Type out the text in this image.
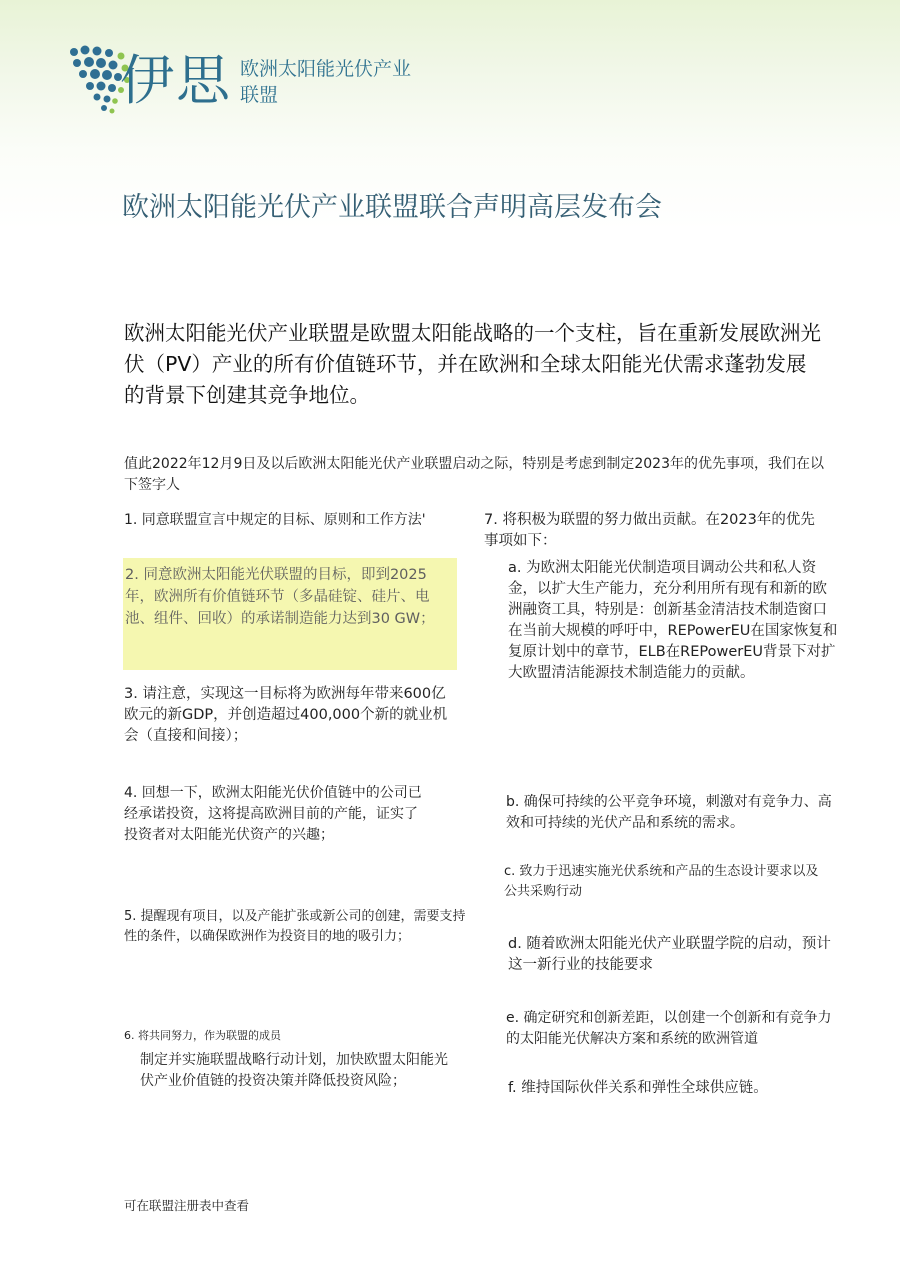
伊思 欧洲太阳能光伏产业
联盟
欧洲太阳能光伏产业联盟联合声明高层发布会
欧洲太阳能光伏产业联盟是欧盟太阳能战略的一个支柱，旨在重新发展欧洲光伏（PV）产业的所有价值链环节，并在欧洲和全球太阳能光伏需求蓬勃发展的背景下创建其竞争地位。
值此2022年12月9日及以后欧洲太阳能光伏产业联盟启动之际，特别是考虑到制定2023年的优先事项，我们在以下签字人
1. 同意联盟宣言中规定的目标、原则和工作方法'
2. 同意欧洲太阳能光伏联盟的目标，即到2025年，欧洲所有价值链环节（多晶硅锭、硅片、电池、组件、回收）的承诺制造能力达到30 GW；
3. 请注意，实现这一目标将为欧洲每年带来600亿欧元的新GDP，并创造超过400,000个新的就业机会（直接和间接）；
4. 回想一下，欧洲太阳能光伏价值链中的公司已经承诺投资，这将提高欧洲目前的产能，证实了投资者对太阳能光伏资产的兴趣；
5. 提醒现有项目，以及产能扩张或新公司的创建，需要支持性的条件，以确保欧洲作为投资目的地的吸引力；
6. 将共同努力，作为联盟的成员
制定并实施联盟战略行动计划，加快欧盟太阳能光伏产业价值链的投资决策并降低投资风险；
7. 将积极为联盟的努力做出贡献。在2023年的优先事项如下：
a. 为欧洲太阳能光伏制造项目调动公共和私人资金，以扩大生产能力，充分利用所有现有和新的欧洲融资工具，特别是：创新基金清洁技术制造窗口在当前大规模的呼吁中，REPowerEU在国家恢复和复原计划中的章节，ELB在REPowerEU背景下对扩大欧盟清洁能源技术制造能力的贡献。
b. 确保可持续的公平竞争环境，刺激对有竞争力、高效和可持续的光伏产品和系统的需求。
c. 致力于迅速实施光伏系统和产品的生态设计要求以及公共采购行动
d. 随着欧洲太阳能光伏产业联盟学院的启动，预计这一新行业的技能要求
e. 确定研究和创新差距，以创建一个创新和有竞争力的太阳能光伏解决方案和系统的欧洲管道
f. 维持国际伙伴关系和弹性全球供应链。
可在联盟注册表中查看
